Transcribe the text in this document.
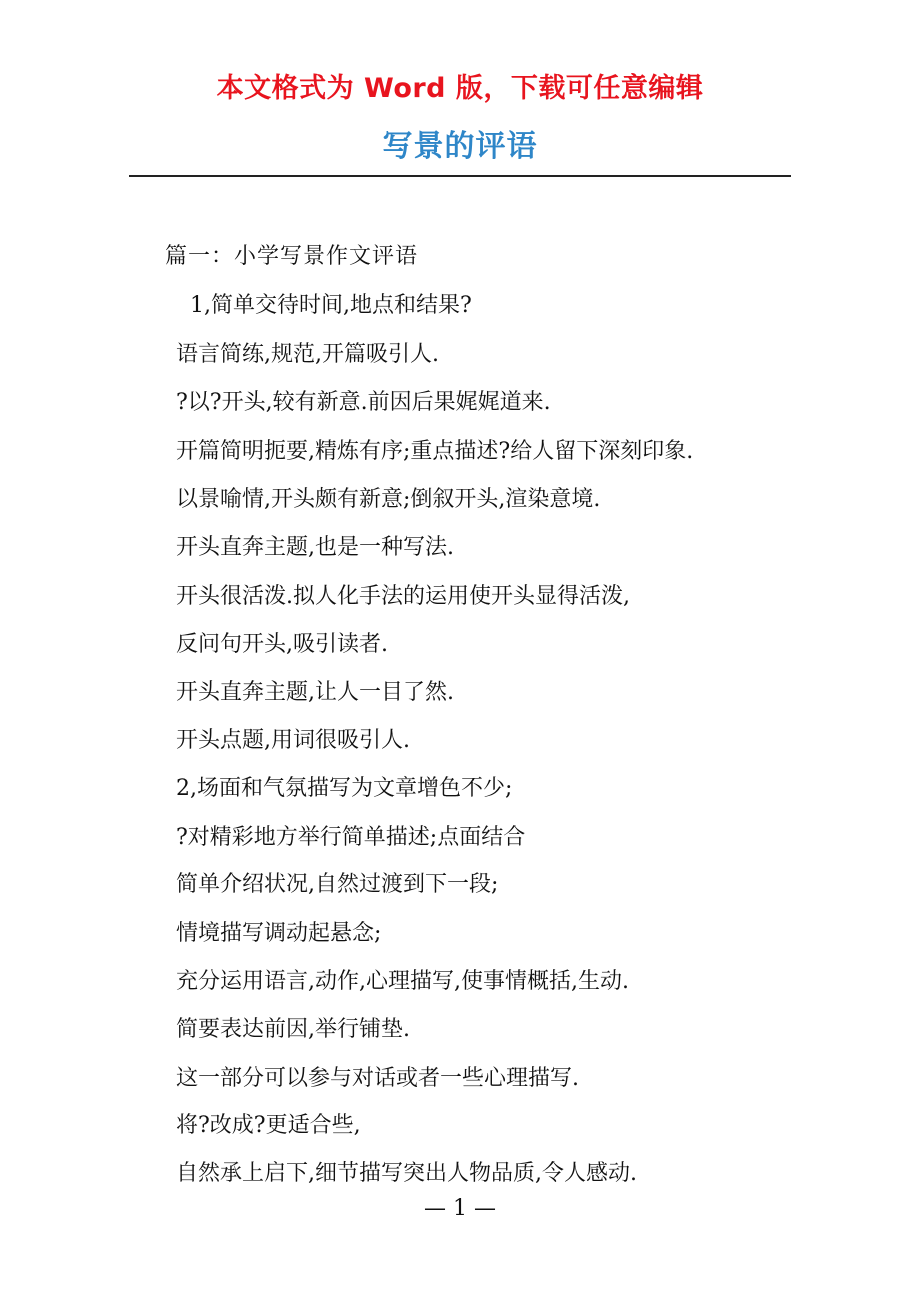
本文格式为 Word 版，下载可任意编辑
写景的评语
篇一：小学写景作文评语
1,简单交待时间,地点和结果?
语言简练,规范,开篇吸引人.
?以?开头,较有新意.前因后果娓娓道来.
开篇简明扼要,精炼有序;重点描述?给人留下深刻印象.
以景喻情,开头颇有新意;倒叙开头,渲染意境.
开头直奔主题,也是一种写法.
开头很活泼.拟人化手法的运用使开头显得活泼,
反问句开头,吸引读者.
开头直奔主题,让人一目了然.
开头点题,用词很吸引人.
2,场面和气氛描写为文章增色不少;
?对精彩地方举行简单描述;点面结合
简单介绍状况,自然过渡到下一段;
情境描写调动起悬念;
充分运用语言,动作,心理描写,使事情概括,生动.
简要表达前因,举行铺垫.
这一部分可以参与对话或者一些心理描写.
将?改成?更适合些,
自然承上启下,细节描写突出人物品质,令人感动.
— 1 —
